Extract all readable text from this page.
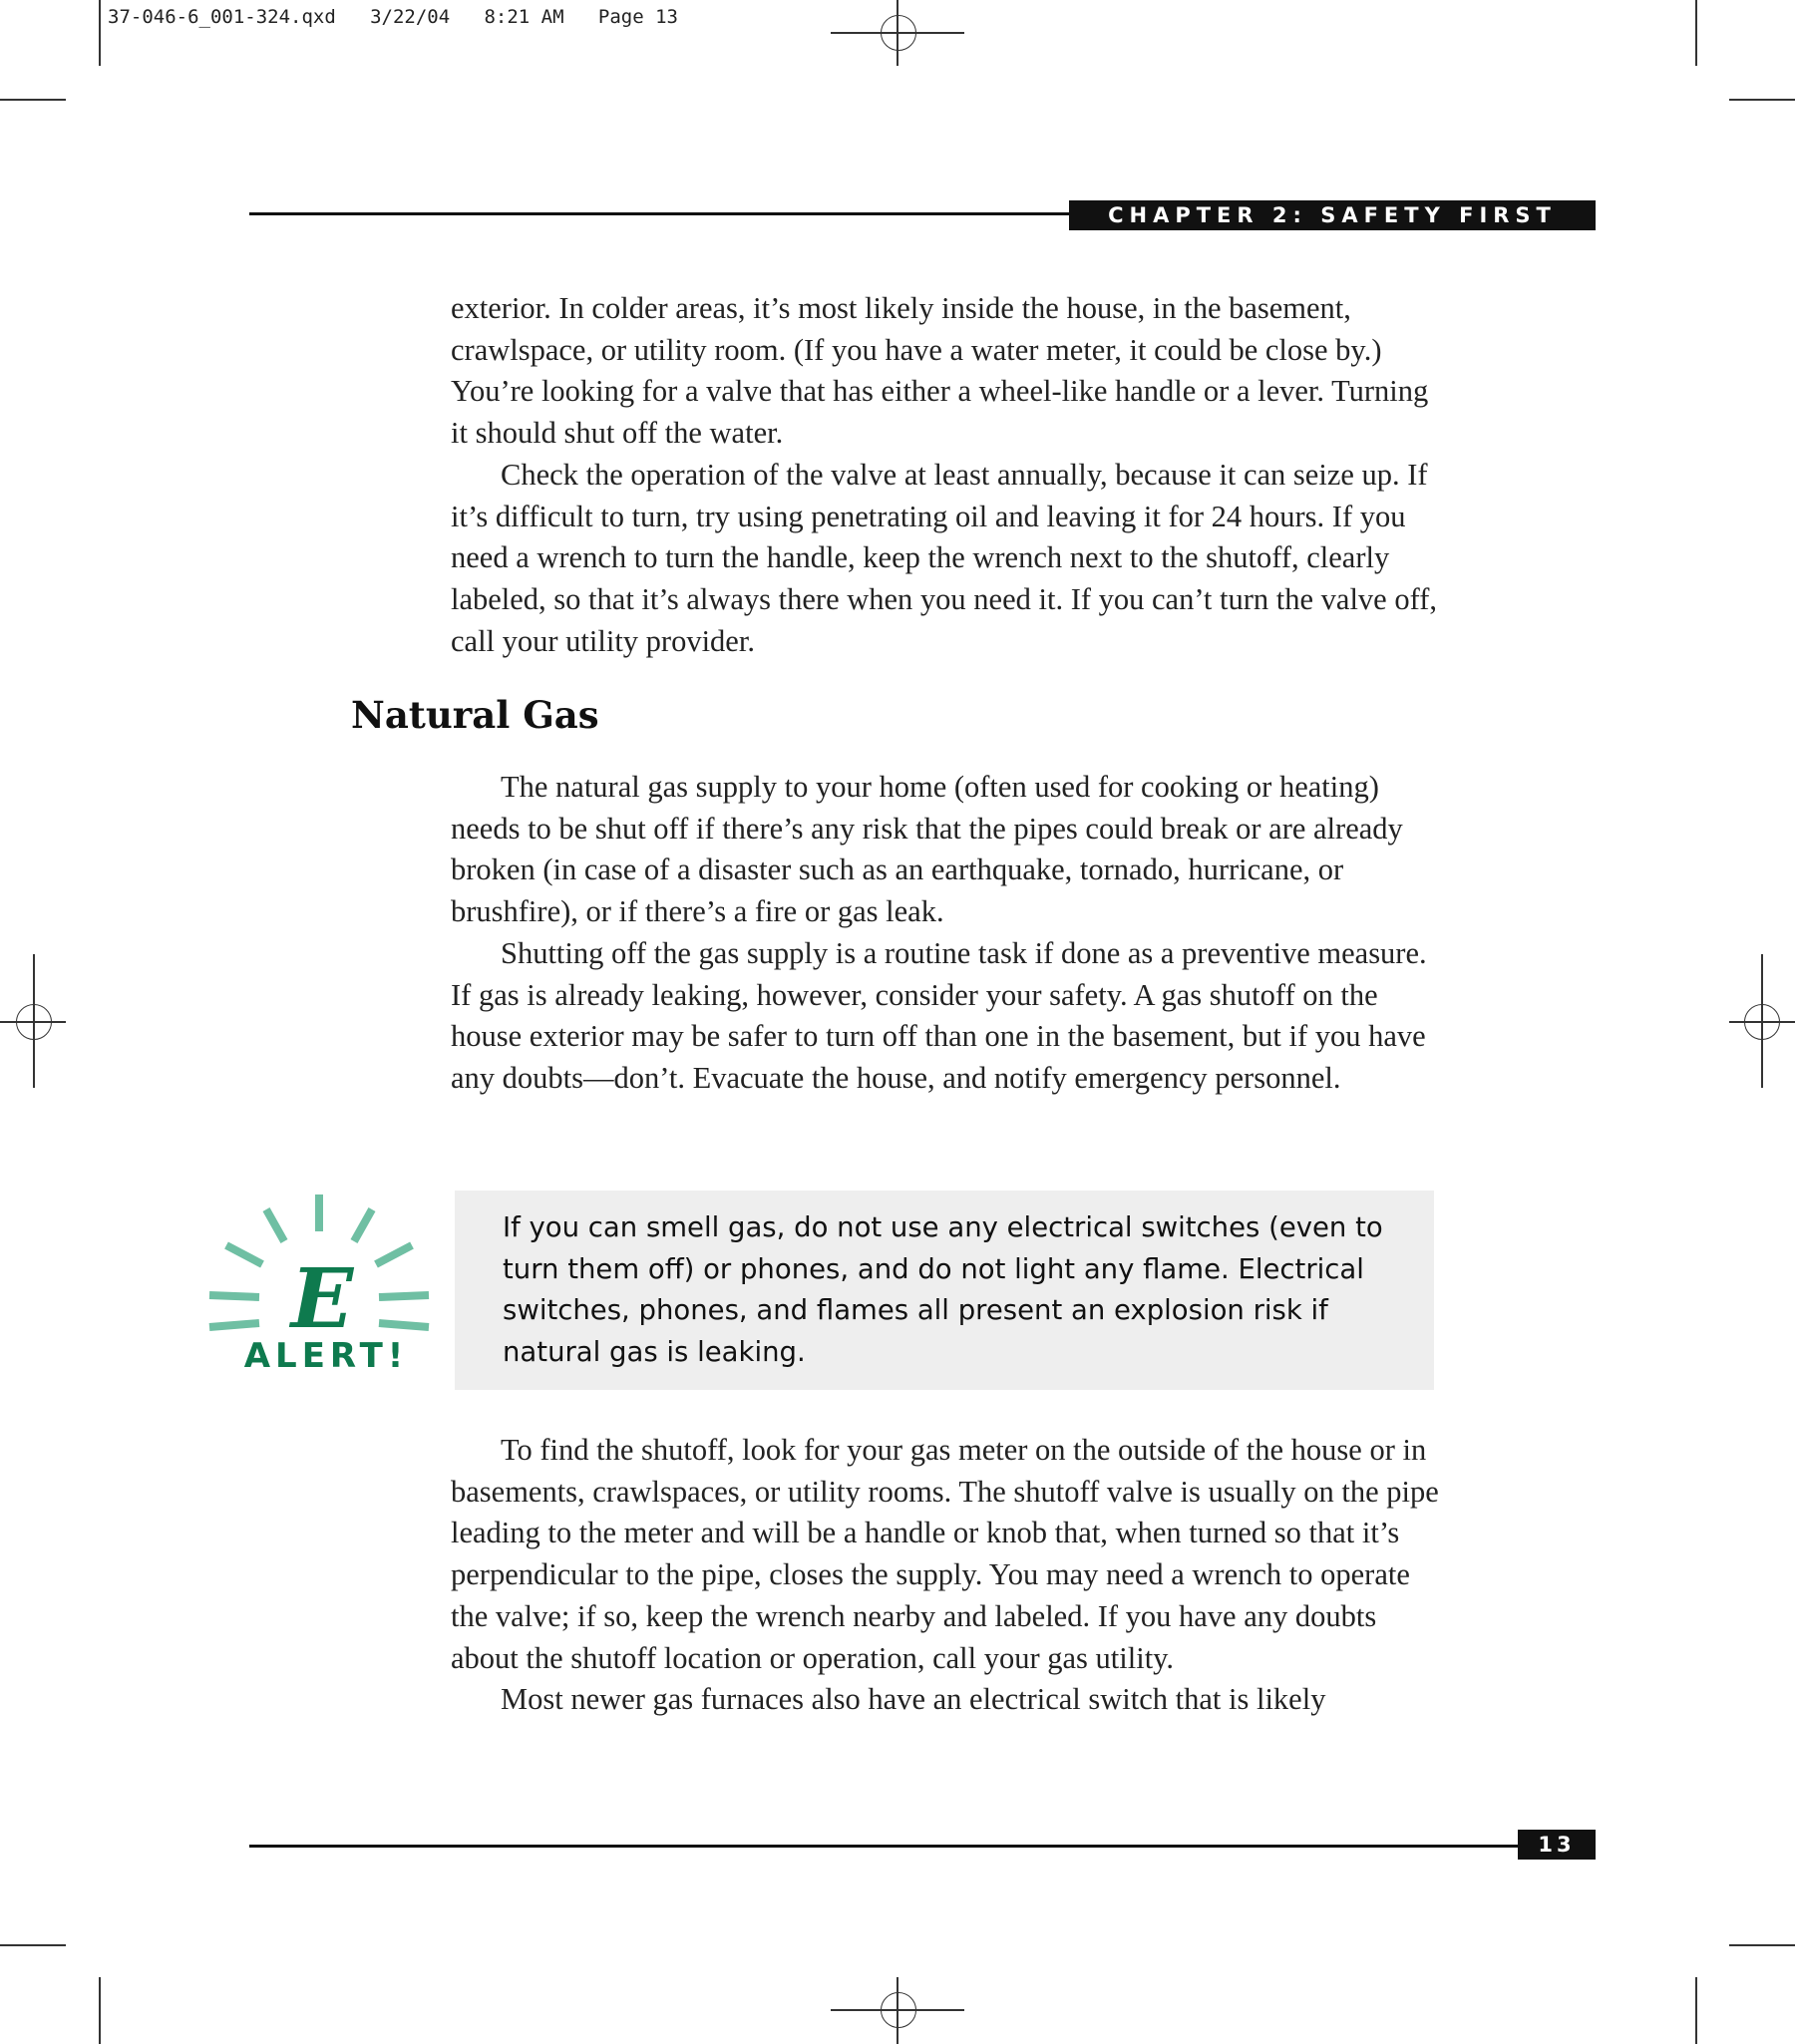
37-046-6_001-324.qxd   3/22/04   8:21 AM   Page 13
CHAPTER 2: SAFETY FIRST

exterior. In colder areas, it’s most likely inside the house, in the basement, crawlspace, or utility room. (If you have a water meter, it could be close by.) You’re looking for a valve that has either a wheel-like handle or a lever. Turning it should shut off the water.

Check the operation of the valve at least annually, because it can seize up. If it’s difficult to turn, try using penetrating oil and leaving it for 24 hours. If you need a wrench to turn the handle, keep the wrench next to the shutoff, clearly labeled, so that it’s always there when you need it. If you can’t turn the valve off, call your utility provider.

Natural Gas

The natural gas supply to your home (often used for cooking or heating) needs to be shut off if there’s any risk that the pipes could break or are already broken (in case of a disaster such as an earthquake, tornado, hurricane, or brushfire), or if there’s a fire or gas leak.

Shutting off the gas supply is a routine task if done as a preventive measure. If gas is already leaking, however, consider your safety. A gas shutoff on the house exterior may be safer to turn off than one in the basement, but if you have any doubts—don’t. Evacuate the house, and notify emergency personnel.

E
ALERT!
If you can smell gas, do not use any electrical switches (even to turn them off) or phones, and do not light any flame. Electrical switches, phones, and flames all present an explosion risk if natural gas is leaking.

To find the shutoff, look for your gas meter on the outside of the house or in basements, crawlspaces, or utility rooms. The shutoff valve is usually on the pipe leading to the meter and will be a handle or knob that, when turned so that it’s perpendicular to the pipe, closes the supply. You may need a wrench to operate the valve; if so, keep the wrench nearby and labeled. If you have any doubts about the shutoff location or operation, call your gas utility.

Most newer gas furnaces also have an electrical switch that is likely

13
